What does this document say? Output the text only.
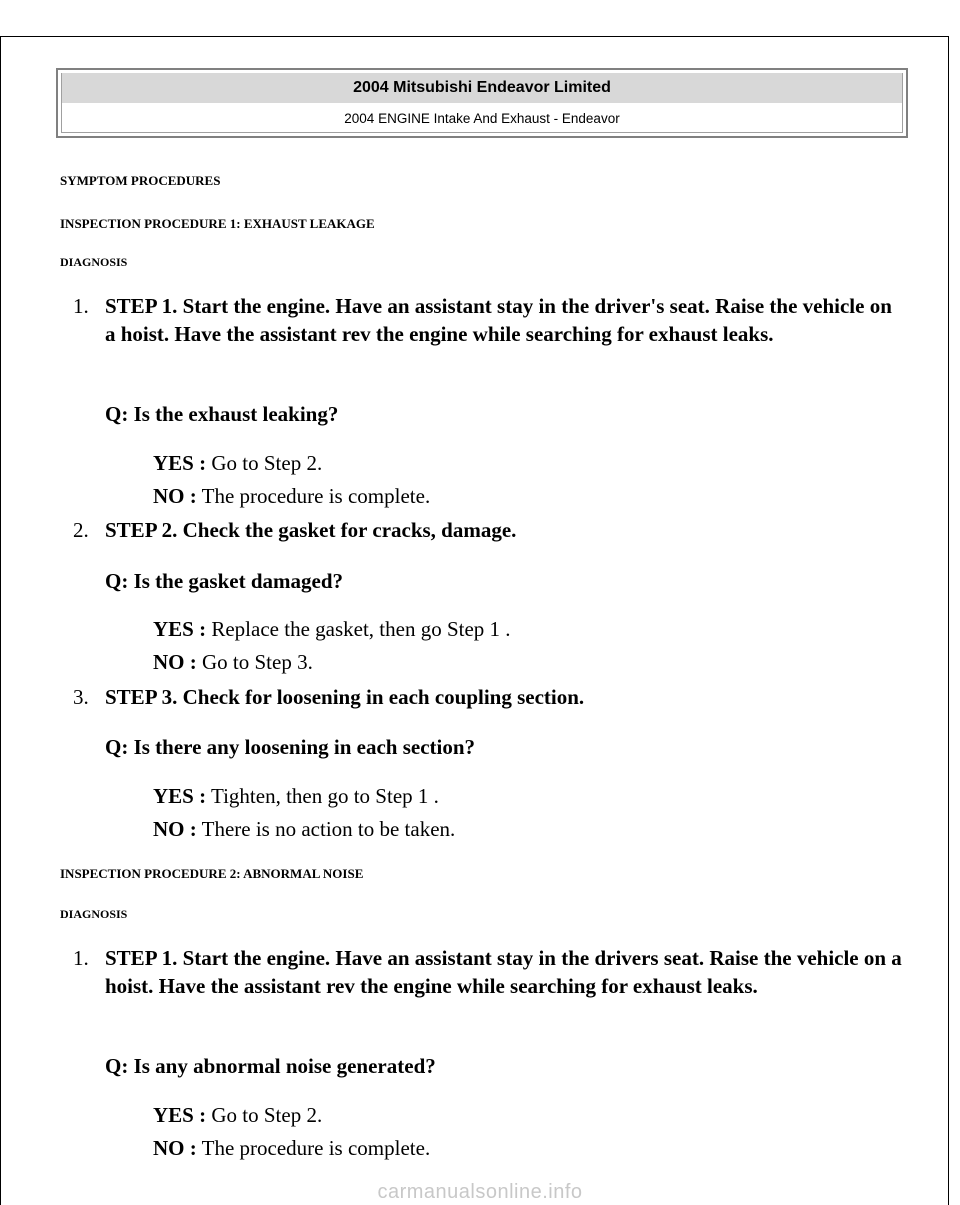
2004 Mitsubishi Endeavor Limited
2004 ENGINE Intake And Exhaust - Endeavor
SYMPTOM PROCEDURES
INSPECTION PROCEDURE 1: EXHAUST LEAKAGE
DIAGNOSIS
1. STEP 1. Start the engine. Have an assistant stay in the driver's seat. Raise the vehicle on a hoist. Have the assistant rev the engine while searching for exhaust leaks.
Q: Is the exhaust leaking?
YES : Go to Step 2.
NO : The procedure is complete.
2. STEP 2. Check the gasket for cracks, damage.
Q: Is the gasket damaged?
YES : Replace the gasket, then go Step 1 .
NO : Go to Step 3.
3. STEP 3. Check for loosening in each coupling section.
Q: Is there any loosening in each section?
YES : Tighten, then go to Step 1 .
NO : There is no action to be taken.
INSPECTION PROCEDURE 2: ABNORMAL NOISE
DIAGNOSIS
1. STEP 1. Start the engine. Have an assistant stay in the drivers seat. Raise the vehicle on a hoist. Have the assistant rev the engine while searching for exhaust leaks.
Q: Is any abnormal noise generated?
YES : Go to Step 2.
NO : The procedure is complete.
carmanualsonline.info
